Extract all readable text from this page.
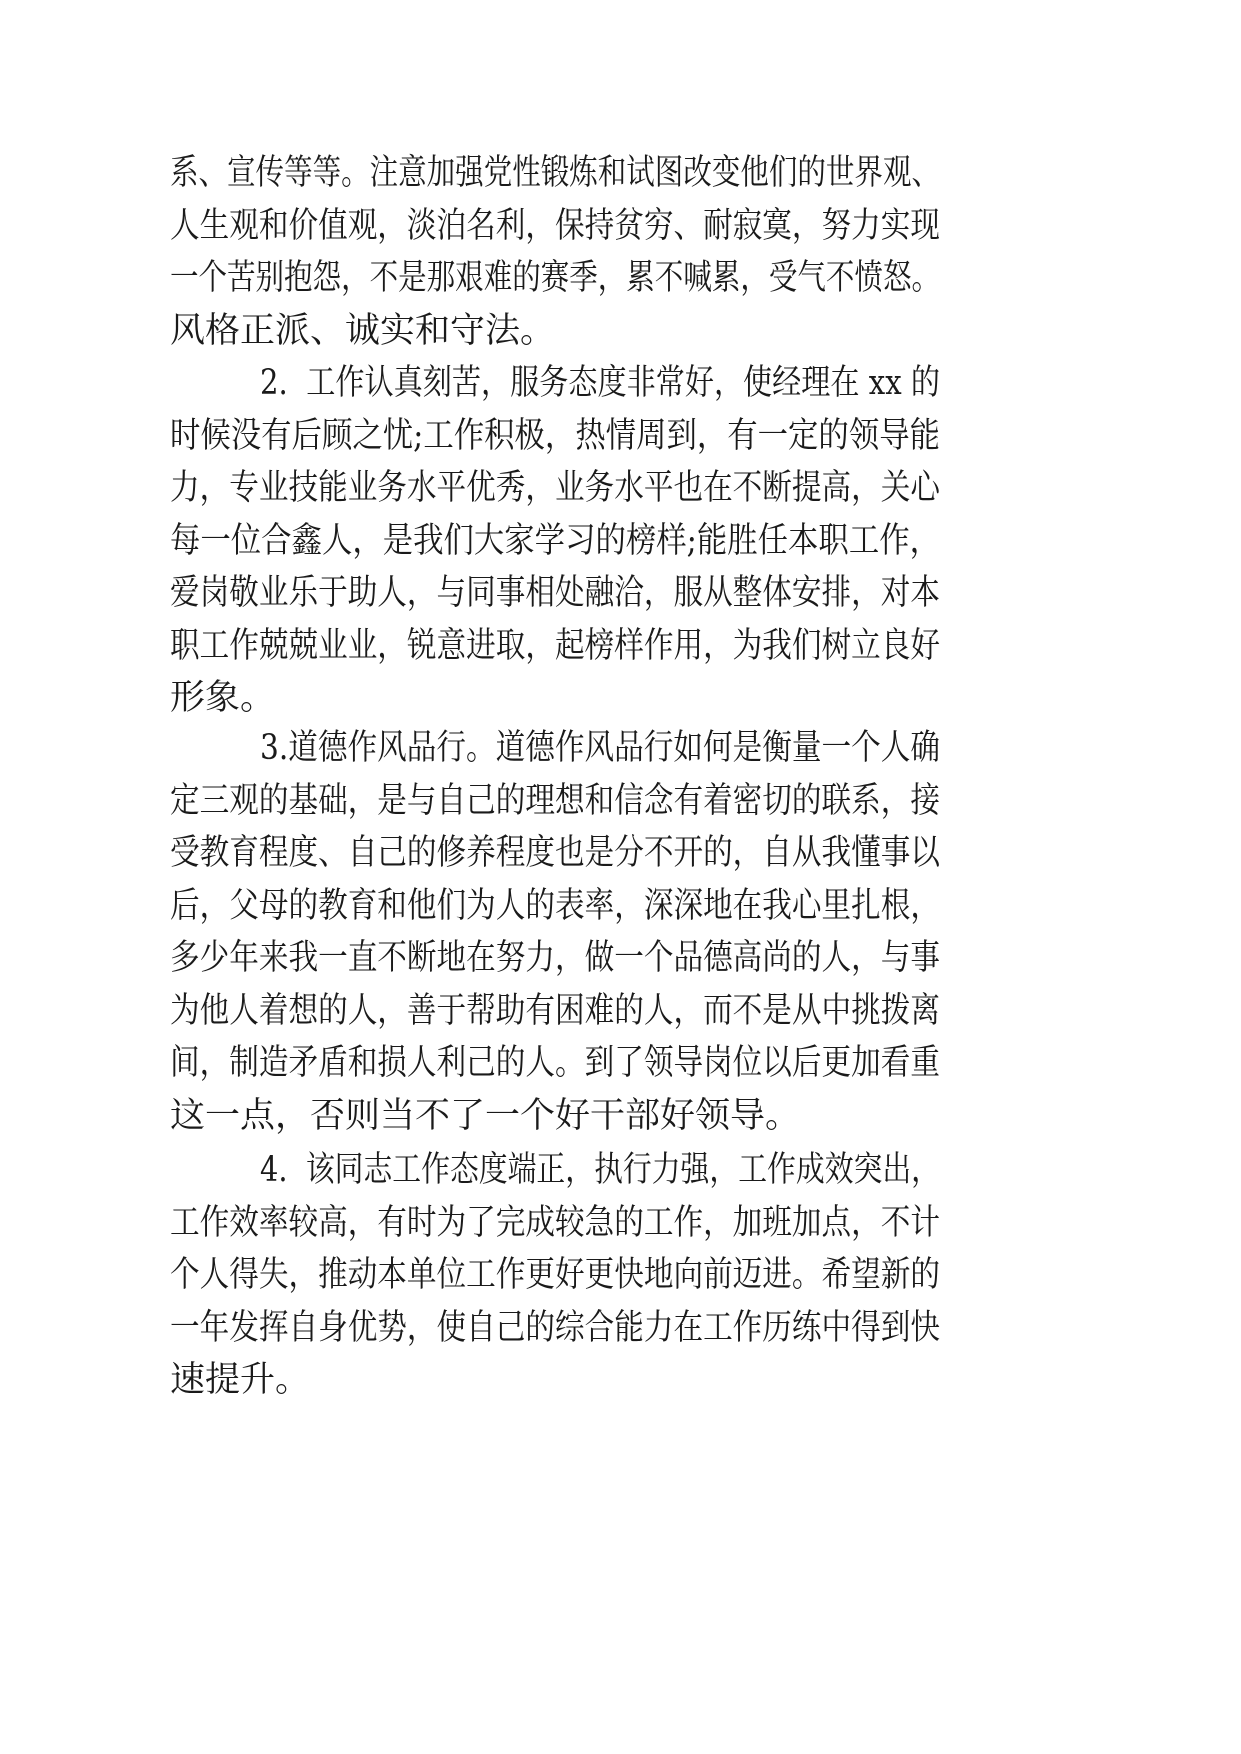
系、宣传等等。注意加强党性锻炼和试图改变他们的世界观、
人生观和价值观，淡泊名利，保持贫穷、耐寂寞，努力实现
一个苦别抱怨，不是那艰难的赛季，累不喊累，受气不愤怒。
风格正派、诚实和守法。
2.  工作认真刻苦，服务态度非常好，使经理在 xx 的
时候没有后顾之忧;工作积极，热情周到，有一定的领导能
力，专业技能业务水平优秀，业务水平也在不断提高，关心
每一位合鑫人，是我们大家学习的榜样;能胜任本职工作，
爱岗敬业乐于助人，与同事相处融洽，服从整体安排，对本
职工作兢兢业业，锐意进取，起榜样作用，为我们树立良好
形象。
3.道德作风品行。道德作风品行如何是衡量一个人确
定三观的基础，是与自己的理想和信念有着密切的联系，接
受教育程度、自己的修养程度也是分不开的，自从我懂事以
后，父母的教育和他们为人的表率，深深地在我心里扎根，
多少年来我一直不断地在努力，做一个品德高尚的人，与事
为他人着想的人，善于帮助有困难的人，而不是从中挑拨离
间，制造矛盾和损人利己的人。到了领导岗位以后更加看重
这一点，否则当不了一个好干部好领导。
4.  该同志工作态度端正，执行力强，工作成效突出，
工作效率较高，有时为了完成较急的工作，加班加点，不计
个人得失，推动本单位工作更好更快地向前迈进。希望新的
一年发挥自身优势，使自己的综合能力在工作历练中得到快
速提升。
